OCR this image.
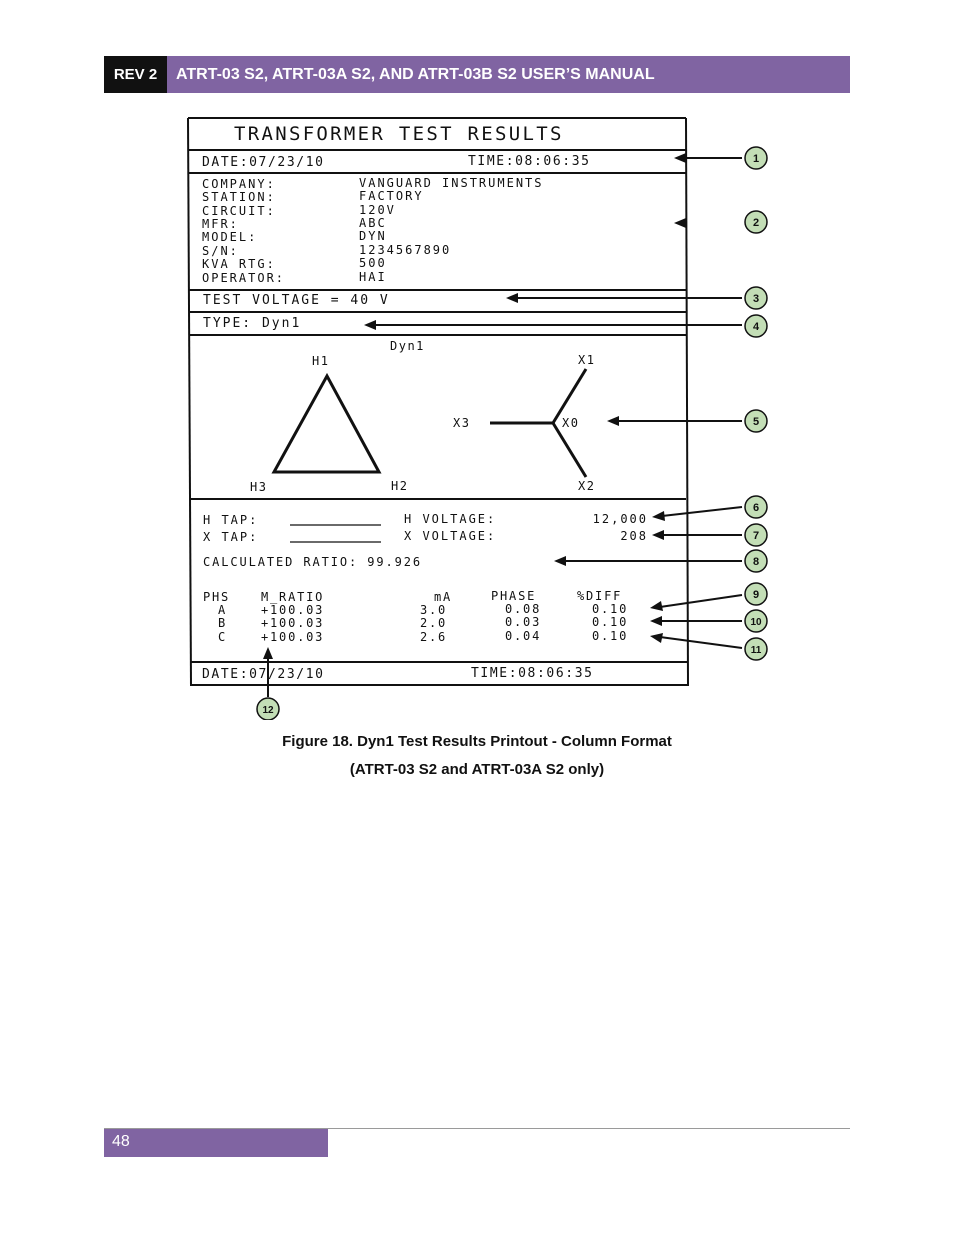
REV 2	ATRT-03 S2, ATRT-03A S2, AND ATRT-03B S2 USER’S MANUAL
TRANSFORMER TEST RESULTS
DATE:07/23/10	TIME:08:06:35
COMPANY:	VANGUARD INSTRUMENTS
STATION:	FACTORY
CIRCUIT:	120V
MFR:	ABC
MODEL:	DYN
S/N:	1234567890
KVA RTG:	500
OPERATOR:	HAI
TEST VOLTAGE = 40 V
TYPE: Dyn1
Dyn1
H1
H3	H2
X1
X3	X0
X2
H TAP:
X TAP:
H VOLTAGE:	12,000
X VOLTAGE:	208
CALCULATED RATIO: 99.926
PHS	M_RATIO	mA	PHASE	%DIFF
A	+100.03	3.0	0.08	0.10
B	+100.03	2.0	0.03	0.10
C	+100.03	2.6	0.04	0.10
DATE:07/23/10	TIME:08:06:35
1
2
3
4
5
6
7
8
9
10
11
12
Figure 18. Dyn1 Test Results Printout - Column Format
(ATRT-03 S2 and ATRT-03A S2 only)
48
